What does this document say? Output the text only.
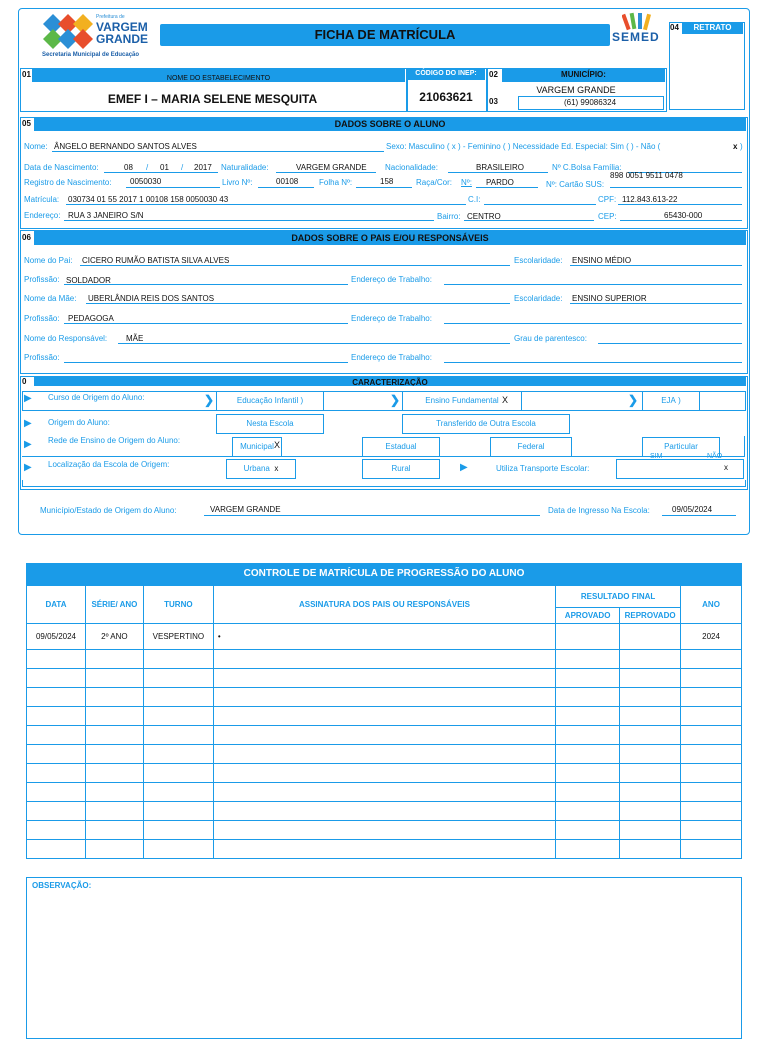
Prefeitura de
VARGEM
GRANDE
Secretaria Municipal de Educação
FICHA DE MATRÍCULA	SEMED
04	RETRATO
01	NOME DO ESTABELECIMENTO
EMEF I – MARIA SELENE MESQUITA
CÓDIGO DO INEP:
21063621
02	MUNICÍPIO:
VARGEM GRANDE
03	(61) 99086324
05	DADOS SOBRE O ALUNO
Nome: ÂNGELO BERNANDO SANTOS ALVES	Sexo: Masculino ( x ) - Feminino ( ) Necessidade Ed. Especial: Sim ( ) - Não (	x )
Data de Nascimento:	08 / 01 / 2017 Naturalidade:	VARGEM GRANDE Nacionalidade:	BRASILEIRO	Nº C.Bolsa Família:
Registro de Nascimento: 0050030	Livro Nº:	00108	Folha Nº:	158	Raça/Cor: Nº: PARDO	Nº: Cartão SUS:
898 0051 9511 0478
Matrícula: 030734 01 55 2017 1 00108 158 0050030 43	C.I:	CPF: 112.843.613-22
Endereço: RUA 3 JANEIRO S/N	Bairro: CENTRO	CEP:	65430-000
06	DADOS SOBRE O PAIS E/OU RESPONSÁVEIS
Nome do Pai: CICERO RUMÃO BATISTA SILVA ALVES	Escolaridade: ENSINO MÉDIO
Profissão: SOLDADOR	Endereço de Trabalho:
Nome da Mãe: UBERLÂNDIA REIS DOS SANTOS	Escolaridade: ENSINO SUPERIOR
Profissão: PEDAGOGA	Endereço de Trabalho:
Nome do Responsável: MÃE	Grau de parentesco:
Profissão:	Endereço de Trabalho:
0	CARACTERIZAÇÃO
▶ Curso de Origem do Aluno:	❯	Educação Infantil )	❯	Ensino Fundamental X	❯	EJA )
▶ Origem do Aluno:	Nesta Escola	Transferido de Outra Escola
▶ Rede de Ensino de Origem do Aluno:
Municipal X	Estadual	Federal	Particular
▶ Localização da Escola de Origem:	Urbana x	Rural	▶	Utiliza Transporte Escolar:
SIM	NÃO
x
Município/Estado de Origem do Aluno:	VARGEM GRANDE	Data de Ingresso Na Escola:	09/05/2024
CONTROLE DE MATRÍCULA DE PROGRESSÃO DO ALUNO
DATA	SÉRIE/ ANO	TURNO	ASSINATURA DOS PAIS OU RESPONSÁVEIS	RESULTADO FINAL		ANO
				APROVADO	REPROVADO	
09/05/2024	2º ANO	VESPERTINO	•			2024

OBSERVAÇÃO:
